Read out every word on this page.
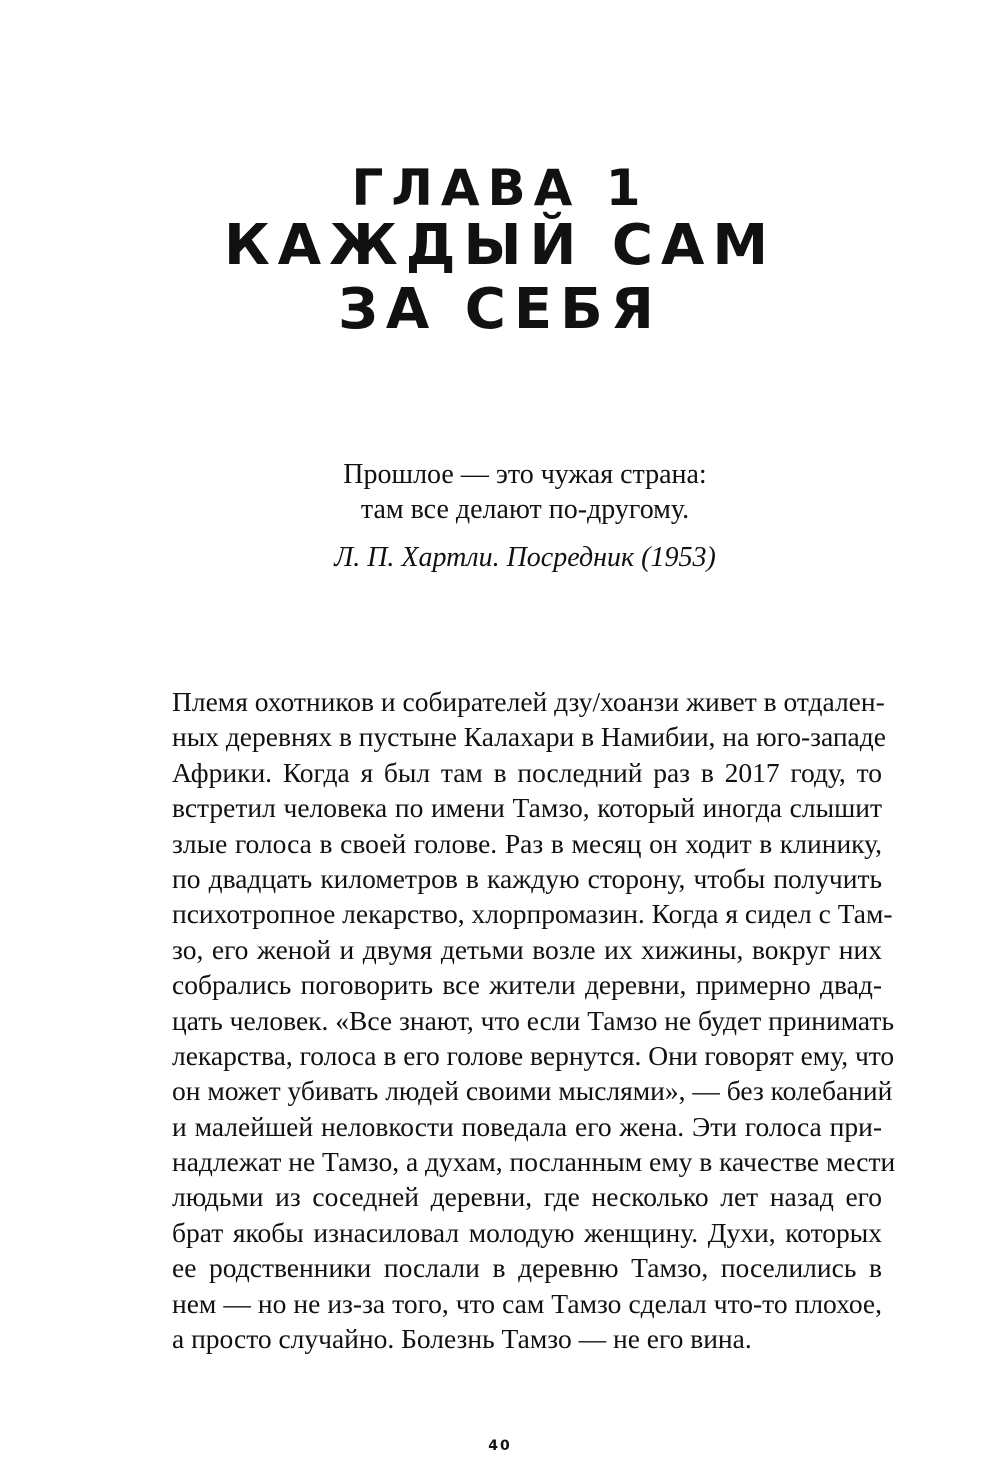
ГЛАВА 1
КАЖДЫЙ САМ
ЗА СЕБЯ
Прошлое — это чужая страна:
там все делают по-другому.
Л. П. Хартли. Посредник (1953)
Племя охотников и собирателей дзу/хоанзи живет в отдален-
ных деревнях в пустыне Калахари в Намибии, на юго-западе
Африки. Когда я был там в последний раз в 2017 году, то
встретил человека по имени Тамзо, который иногда слышит
злые голоса в своей голове. Раз в месяц он ходит в клинику,
по двадцать километров в каждую сторону, чтобы получить
психотропное лекарство, хлорпромазин. Когда я сидел с Там-
зо, его женой и двумя детьми возле их хижины, вокруг них
собрались поговорить все жители деревни, примерно двад-
цать человек. «Все знают, что если Тамзо не будет принимать
лекарства, голоса в его голове вернутся. Они говорят ему, что
он может убивать людей своими мыслями», — без колебаний
и малейшей неловкости поведала его жена. Эти голоса при-
надлежат не Тамзо, а духам, посланным ему в качестве мести
людьми из соседней деревни, где несколько лет назад его
брат якобы изнасиловал молодую женщину. Духи, которых
ее родственники послали в деревню Тамзо, поселились в
нем — но не из-за того, что сам Тамзо сделал что-то плохое,
а просто случайно. Болезнь Тамзо — не его вина.
40
